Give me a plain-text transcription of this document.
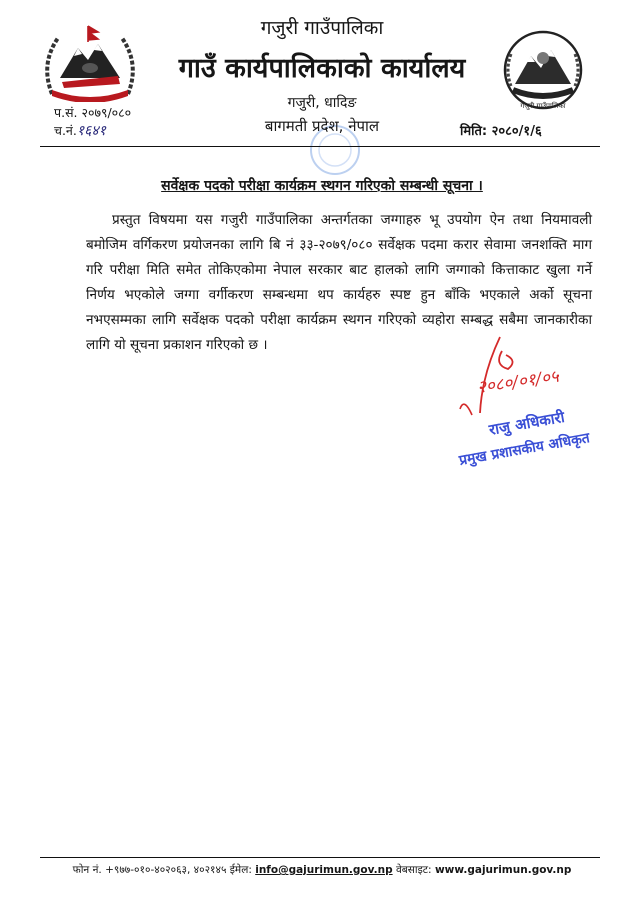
गजुरी गाउँपालिका
गजुरी गाउँपालिका
गाउँ कार्यपालिकाको कार्यालय
गजुरी, धादिङ
बागमती प्रदेश, नेपाल
प.सं. २०७९/०८०
च.नं.१६४१	मिति: २०८०/१/६
सर्वेक्षक पदको परीक्षा कार्यक्रम स्थगन गरिएको सम्बन्धी सूचना ।
प्रस्तुत विषयमा यस गजुरी गाउँपालिका अन्तर्गतका जग्गाहरु भू उपयोग ऐन तथा नियमावली बमोजिम वर्गिकरण प्रयोजनका लागि बि नं ३३-२०७९/०८० सर्वेक्षक पदमा करार सेवामा जनशक्ति माग गरि परीक्षा मिति समेत तोकिएकोमा नेपाल सरकार बाट हालको लागि जग्गाको कित्ताकाट खुला गर्ने निर्णय भएकोले जग्गा वर्गीकरण सम्बन्धमा थप कार्यहरु स्पष्ट हुन बाँकि भएकाले अर्को सूचना नभएसम्मका लागि सर्वेक्षक पदको परीक्षा कार्यक्रम स्थगन गरिएको व्यहोरा सम्बद्ध सबैमा जानकारीका लागि यो सूचना प्रकाशन गरिएको छ ।
२०८०/०१/०५
राजु अधिकारी
प्रमुख प्रशासकीय अधिकृत
फोन नं. +९७७-०१०-४०२०६३, ४०२१४५ ईमेल: info@gajurimun.gov.np वेबसाइट: www.gajurimun.gov.np
